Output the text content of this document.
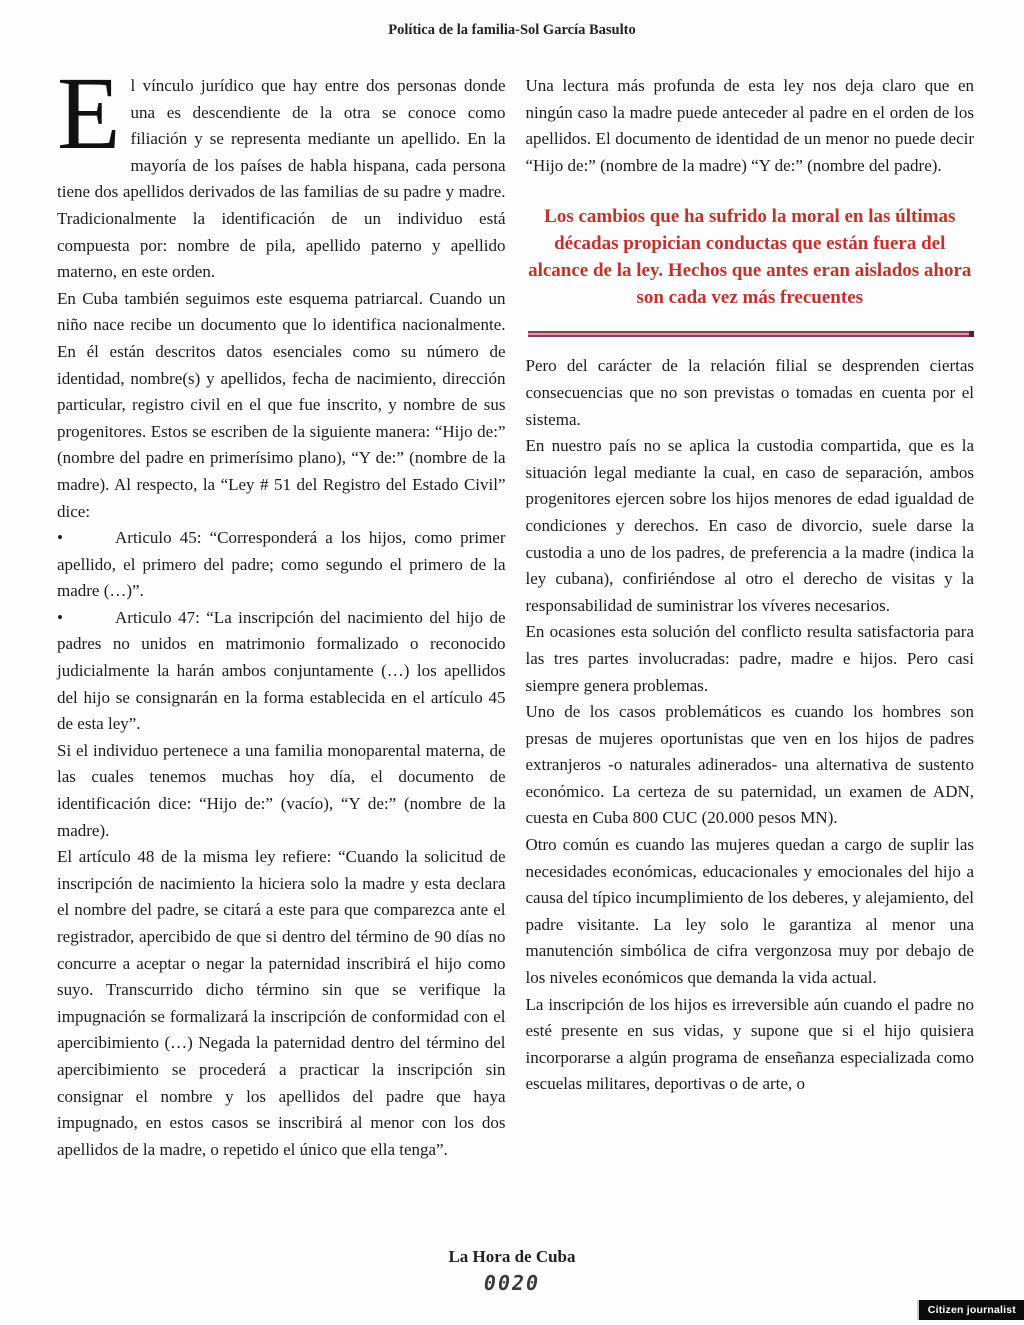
Política de la familia-Sol García Basulto

El vínculo jurídico que hay entre dos personas donde una es descendiente de la otra se conoce como filiación y se representa mediante un apellido. En la mayoría de los países de habla hispana, cada persona tiene dos apellidos derivados de las familias de su padre y madre. Tradicionalmente la identificación de un individuo está compuesta por: nombre de pila, apellido paterno y apellido materno, en este orden.

En Cuba también seguimos este esquema patriarcal. Cuando un niño nace recibe un documento que lo identifica nacionalmente. En él están descritos datos esenciales como su número de identidad, nombre(s) y apellidos, fecha de nacimiento, dirección particular, registro civil en el que fue inscrito, y nombre de sus progenitores. Estos se escriben de la siguiente manera: “Hijo de:” (nombre del padre en primerísimo plano), “Y de:” (nombre de la madre). Al respecto, la “Ley # 51 del Registro del Estado Civil” dice:

•	Articulo 45: “Corresponderá a los hijos, como primer apellido, el primero del padre; como segundo el primero de la madre (…)”.

•	Articulo 47: “La inscripción del nacimiento del hijo de padres no unidos en matrimonio formalizado o reconocido judicialmente la harán ambos conjuntamente (…) los apellidos del hijo se consignarán en la forma establecida en el artículo 45 de esta ley”.

Si el individuo pertenece a una familia monoparental materna, de las cuales tenemos muchas hoy día, el documento de identificación dice: “Hijo de:” (vacío), “Y de:” (nombre de la madre).

El artículo 48 de la misma ley refiere: “Cuando la solicitud de inscripción de nacimiento la hiciera solo la madre y esta declara el nombre del padre, se citará a este para que comparezca ante el registrador, apercibido de que si dentro del término de 90 días no concurre a aceptar o negar la paternidad inscribirá el hijo como suyo. Transcurrido dicho término sin que se verifique la impugnación se formalizará la inscripción de conformidad con el apercibimiento (…) Negada la paternidad dentro del término del apercibimiento se procederá a practicar la inscripción sin consignar el nombre y los apellidos del padre que haya impugnado, en estos casos se inscribirá al menor con los dos apellidos de la madre, o repetido el único que ella tenga”.

Una lectura más profunda de esta ley nos deja claro que en ningún caso la madre puede anteceder al padre en el orden de los apellidos. El documento de identidad de un menor no puede decir “Hijo de:” (nombre de la madre) “Y de:” (nombre del padre).

Los cambios que ha sufrido la moral en las últimas décadas propician conductas que están fuera del alcance de la ley. Hechos que antes eran aislados ahora son cada vez más frecuentes

Pero del carácter de la relación filial se desprenden ciertas consecuencias que no son previstas o tomadas en cuenta por el sistema.

En nuestro país no se aplica la custodia compartida, que es la situación legal mediante la cual, en caso de separación, ambos progenitores ejercen sobre los hijos menores de edad igualdad de condiciones y derechos. En caso de divorcio, suele darse la custodia a uno de los padres, de preferencia a la madre (indica la ley cubana), confiriéndose al otro el derecho de visitas y la responsabilidad de suministrar los víveres necesarios.

En ocasiones esta solución del conflicto resulta satisfactoria para las tres partes involucradas: padre, madre e hijos. Pero casi siempre genera problemas.

Uno de los casos problemáticos es cuando los hombres son presas de mujeres oportunistas que ven en los hijos de padres extranjeros -o naturales adinerados- una alternativa de sustento económico. La certeza de su paternidad, un examen de ADN, cuesta en Cuba 800 CUC (20.000 pesos MN).

Otro común es cuando las mujeres quedan a cargo de suplir las necesidades económicas, educacionales y emocionales del hijo a causa del típico incumplimiento de los deberes, y alejamiento, del padre visitante. La ley solo le garantiza al menor una manutención simbólica de cifra vergonzosa muy por debajo de los niveles económicos que demanda la vida actual.

La inscripción de los hijos es irreversible aún cuando el padre no esté presente en sus vidas, y supone que si el hijo quisiera incorporarse a algún programa de enseñanza especializada como escuelas militares, deportivas o de arte, o

La Hora de Cuba
0020
Citizen journalist
